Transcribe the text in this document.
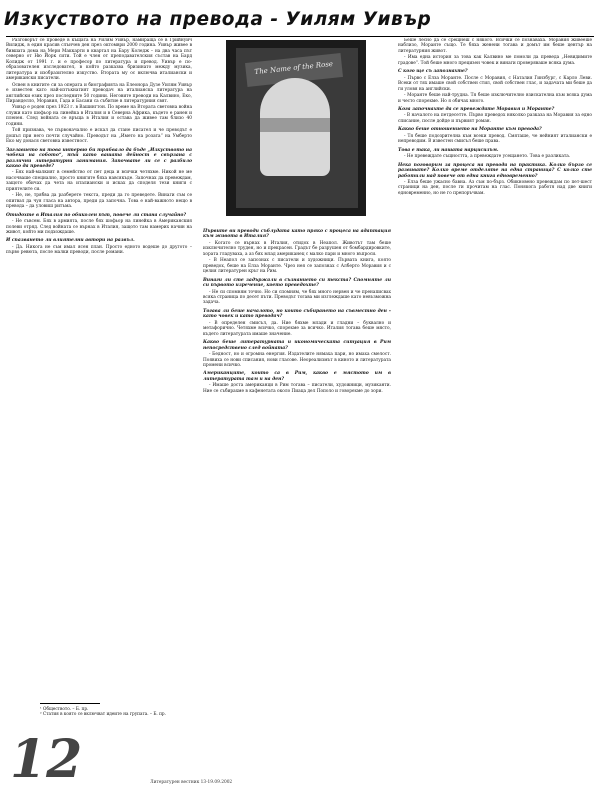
Изкуството на превода - Уилям Уивър

Разговорът се проведе в къщата на Уилям Уивър, намираща се в Грийнуич Вилидж, в един красив слънчев ден през октомври 2000 година. Уивър живее в бившата дома на Мери Маккарти в квартал на Бару Коледж – на два часа път северно от Ню Йорк сити. Той е член от преподавателския състав на Бард Колидж от 1991 г. и е професор по литература и превод. Уивър е по-образователен изследовател, в който разказва бризинато между музика, литература и изобразително изкуство. Втората му ос включва италиански и американски писатели.

Освен в книгите си за операта и биографията на Елеонора Дузе Уилям Уивър е известен като най-изтъкнатият преводач на италианска литература на английски език през последните 50 години. Неговите преводи на Калвино, Еко, Пиранделло, Моравия, Гада и Басани са събитие в литературния свят.

Уивър е роден през 1923 г. в Вашингтон. По време на Втората световна война служи като шофьор на линейка в Италия и в Северна Африка, където е ранен и пленен. След войната се връща в Италия и остава да живее там близо 40 години.

Той признава, че първоначално е искал да стане писател и че преводът е дошъл при него почти случайно. Преводът на „Името на розата“ на Умберто Еко му донася световна известност.

Заглавието на това интервю би трябвало да бъде „Изкуството на чобека на собото“, тъй като вашата дейност е свързана с различни литературни занимания. Започвате ли се с разбило какво да преведе?

- Бях най-малкият в семейство от пет деца и всички четяхме. Никой не ме насочваше специално, просто книгите бяха навсякъде. Започнах да превеждам, защото обичах да чета на италиански и исках да споделя тези книги с приятелите си.

- Не, не, трябва да разберете текста, преди да го преведете. Винаги съм се опитвал да чуя гласа на автора, преди да започна. Това е най-важното нещо в превода – да уловиш ритъма.

Отидохте в Италия по обиколен път, повече ли стана случайно?

- Не съвсем. Бях в армията, после бях шофьор на линейка в Американския полеви отряд. След войната се върнах в Италия, защото там намерих начин на живот, който ми подхождаше.

И спазването ли влиятелни автори на развъл.

- Да. Никога не съм имал ясен план. Просто едното водеше до другото – първо ревюта, после малки преводи, после романи.

The Name of the Rose

Първите ви преводи съблудата като пряко с процеса на адаптация към живота в Италия?

- Когато се върнах в Италия, отидох в Неапол. Животът там беше изключително труден, но и прекрасен. Градът бе разрушен от бомбардировките, хората гладуваха, а аз бях млад американец с малко пари и много въпроси.

- В Неапол се запознах с писатели и художници. Първата книга, която преведох, беше на Елза Моранте. Чрез нея се запознах с Алберто Моравия и с целия литературен кръг на Рим.

Винаги ли сте задържали в съзнанието си текста? Спомняте ли си първото изречение, което преведохте?

- Не си спомням точно. Но си спомням, че бях много нервен и че пренаписвах всяка страница по десет пъти. Преводът тогава ми изглеждаше като невъзможна задача.

Тогава ли беше началото, но които събирането на съвместно ден – като човек и като преводач?

- В определен смисъл, да. Ние бяхме млади и гладни – буквално и метафорично. Четяхме всичко, спорехме за всичко. Италия тогава беше място, където литературата имаше значение.

Какво беше литературната и икономическата ситуация в Рим непосредствено след войната?

- Бедност, но и огромна енергия. Издателите нямаха пари, но имаха смелост. Появиха се нови списания, нови гласове. Неореализмът в киното и литературата промени всичко.

Американците, които са в Рим, какво е мястото им в литературата там и на ден?

- Имаше доста американци в Рим тогава – писатели, художници, музиканти. Ние се събирахме в кафенетата около Пиаца дел Пополо и говорехме до зори.

Беше лесно да се срещнеш с някого. Всички се познаваха. Моравия живееше наблизо, Моранте също. Те бяха женени тогава и домът им беше център на литературния живот.

- Има една история за това как Калвино ме помоли да преведа „Невидимите градове“. Той беше много прецизен човек и винаги проверяваше всяка дума.

С кого ще съ запознахте?

- Първо с Елза Моранте. После с Моравия, с Наталия Гинзбург, с Карло Леви. Всеки от тях имаше свой собствен стил, свой собствен глас, и задачата ми беше да ги уловя на английски.

- Моранте беше най-трудна. Тя беше изключително взискателна към всяка дума и често спорехме. Но я обичах много.

Кога започнахте да се превеждате Моравия и Моранте?

- В началото на петдесетте. Първо преведох няколко разказа на Моравия за едно списание, после дойде и първият роман.

Какво беше отношението на Моранте към превода?

- Тя беше подозрителна към всеки превод. Смяташе, че нейният италиански е непреводим. В известен смисъл беше права.

Това е така, ли нашата нарцисизъм.

- Не превеждате същността, а превеждате усещането. Това е разликата.

Нека поговорим за процеса на превода на практика. Колко бързо се развивате? Колко време отделяте на една страница? С колко сте работили над повече от една книга едновременно?

- Елза беше ужасно бавна. Аз съм по-бърз. Обикновено превеждам по пет-шест страници на ден, после ги прочитам на глас. Понякога работя над две книги едновременно, но не го препоръчвам.

¹ Обществото. – Б. пр.
² Статия в която се включват идеите на групата. – Б. пр.
12	Литературен вестник 13-19.09.2002
